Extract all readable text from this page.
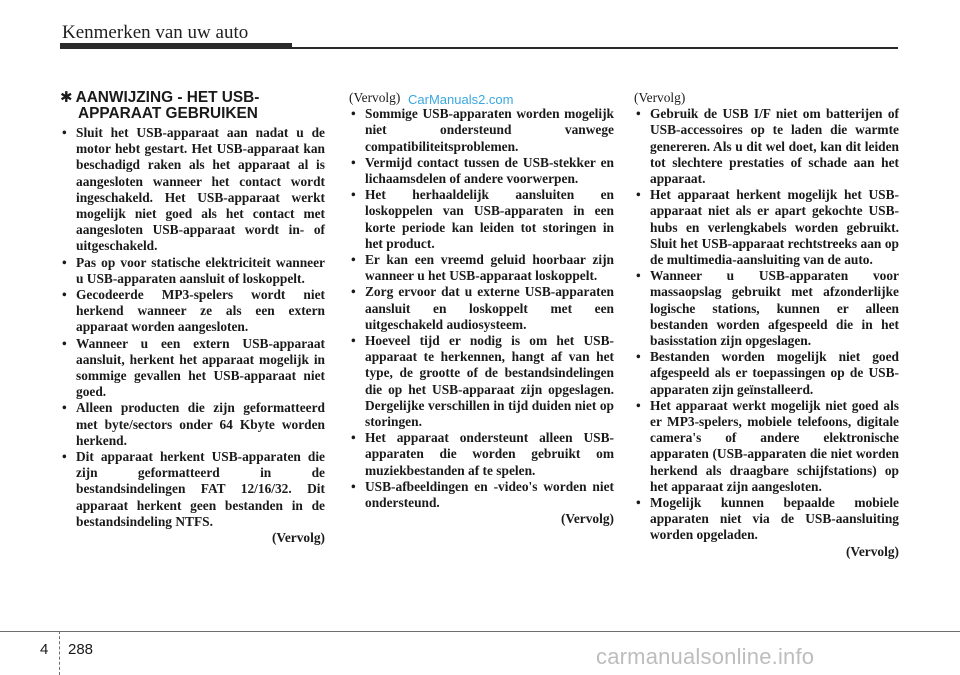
Kenmerken van uw auto
✱ AANWIJZING - HET USB-
APPARAAT GEBRUIKEN
• Sluit het USB-apparaat aan nadat u de motor hebt gestart. Het USB-apparaat kan beschadigd raken als het apparaat al is aangesloten wanneer het contact wordt ingeschakeld. Het USB-apparaat werkt mogelijk niet goed als het contact met aangesloten USB-apparaat wordt in- of uitgeschakeld.
• Pas op voor statische elektriciteit wanneer u USB-apparaten aansluit of loskoppelt.
• Gecodeerde MP3-spelers wordt niet herkend wanneer ze als een extern apparaat worden aangesloten.
• Wanneer u een extern USB-apparaat aansluit, herkent het apparaat mogelijk in sommige gevallen het USB-apparaat niet goed.
• Alleen producten die zijn geformatteerd met byte/sectors onder 64 Kbyte worden herkend.
• Dit apparaat herkent USB-apparaten die zijn geformatteerd in de bestandsindelingen FAT 12/16/32. Dit apparaat herkent geen bestanden in de bestandsindeling NTFS.
(Vervolg)
(Vervolg)
• Sommige USB-apparaten worden mogelijk niet ondersteund vanwege compatibiliteitsproblemen.
• Vermijd contact tussen de USB-stekker en lichaamsdelen of andere voorwerpen.
• Het herhaaldelijk aansluiten en loskoppelen van USB-apparaten in een korte periode kan leiden tot storingen in het product.
• Er kan een vreemd geluid hoorbaar zijn wanneer u het USB-apparaat loskoppelt.
• Zorg ervoor dat u externe USB-apparaten aansluit en loskoppelt met een uitgeschakeld audiosysteem.
• Hoeveel tijd er nodig is om het USB-apparaat te herkennen, hangt af van het type, de grootte of de bestandsindelingen die op het USB-apparaat zijn opgeslagen. Dergelijke verschillen in tijd duiden niet op storingen.
• Het apparaat ondersteunt alleen USB-apparaten die worden gebruikt om muziekbestanden af te spelen.
• USB-afbeeldingen en -video's worden niet ondersteund.
(Vervolg)
(Vervolg)
• Gebruik de USB I/F niet om batterijen of USB-accessoires op te laden die warmte genereren. Als u dit wel doet, kan dit leiden tot slechtere prestaties of schade aan het apparaat.
• Het apparaat herkent mogelijk het USB-apparaat niet als er apart gekochte USB-hubs en verlengkabels worden gebruikt. Sluit het USB-apparaat rechtstreeks aan op de multimedia-aansluiting van de auto.
• Wanneer u USB-apparaten voor massaopslag gebruikt met afzonderlijke logische stations, kunnen er alleen bestanden worden afgespeeld die in het basisstation zijn opgeslagen.
• Bestanden worden mogelijk niet goed afgespeeld als er toepassingen op de USB-apparaten zijn geïnstalleerd.
• Het apparaat werkt mogelijk niet goed als er MP3-spelers, mobiele telefoons, digitale camera's of andere elektronische apparaten (USB-apparaten die niet worden herkend als draagbare schijfstations) op het apparaat zijn aangesloten.
• Mogelijk kunnen bepaalde mobiele apparaten niet via de USB-aansluiting worden opgeladen.
(Vervolg)
CarManuals2.com
4 288	carmanualsonline.info
